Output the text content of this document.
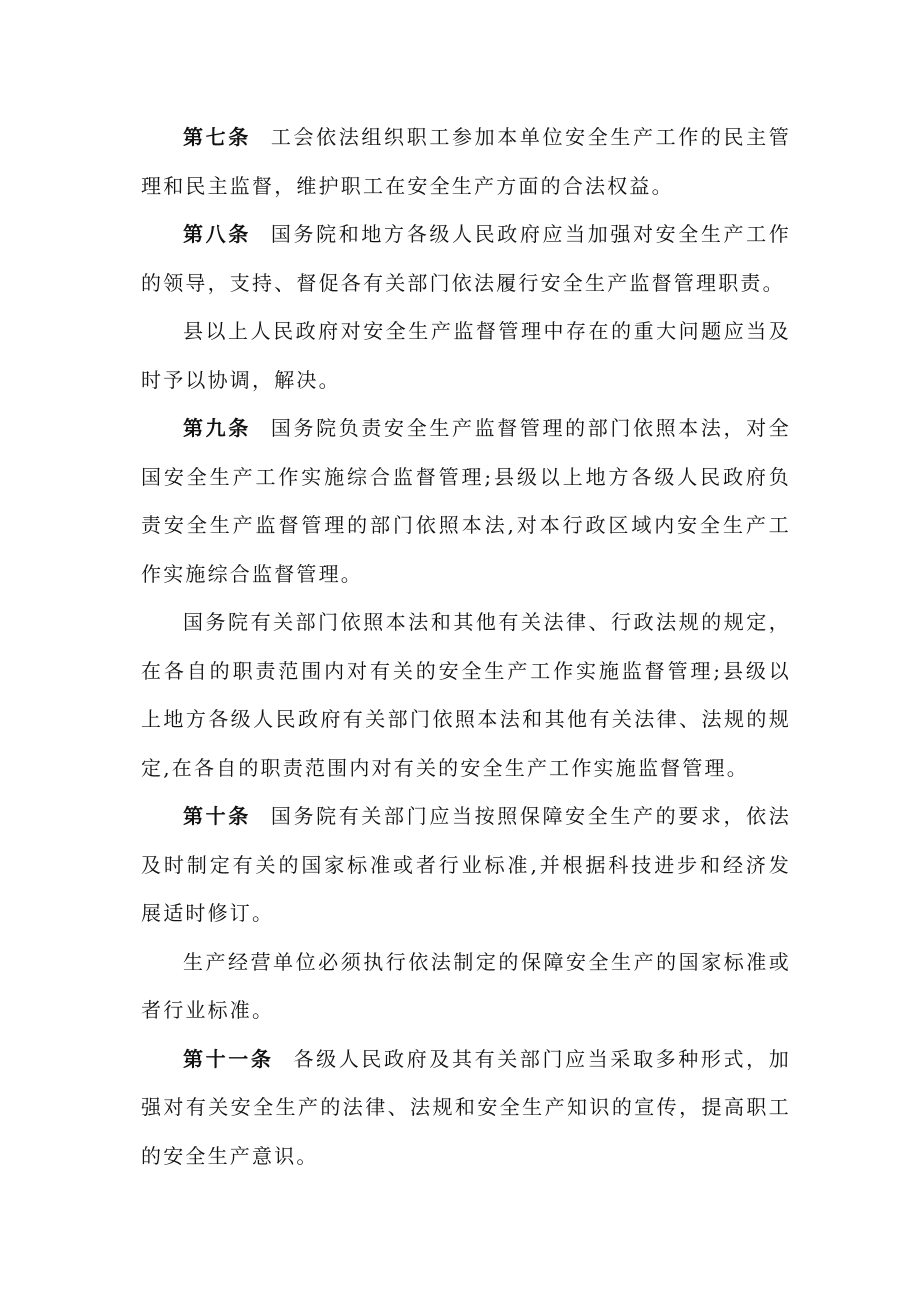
第七条 工会依法组织职工参加本单位安全生产工作的民主管理和民主监督，维护职工在安全生产方面的合法权益。

第八条 国务院和地方各级人民政府应当加强对安全生产工作的领导，支持、督促各有关部门依法履行安全生产监督管理职责。

县以上人民政府对安全生产监督管理中存在的重大问题应当及时予以协调，解决。

第九条 国务院负责安全生产监督管理的部门依照本法，对全国安全生产工作实施综合监督管理;县级以上地方各级人民政府负责安全生产监督管理的部门依照本法,对本行政区域内安全生产工作实施综合监督管理。

国务院有关部门依照本法和其他有关法律、行政法规的规定，在各自的职责范围内对有关的安全生产工作实施监督管理;县级以上地方各级人民政府有关部门依照本法和其他有关法律、法规的规定,在各自的职责范围内对有关的安全生产工作实施监督管理。

第十条 国务院有关部门应当按照保障安全生产的要求，依法及时制定有关的国家标准或者行业标准,并根据科技进步和经济发展适时修订。

生产经营单位必须执行依法制定的保障安全生产的国家标准或者行业标准。

第十一条 各级人民政府及其有关部门应当采取多种形式，加强对有关安全生产的法律、法规和安全生产知识的宣传，提高职工的安全生产意识。
